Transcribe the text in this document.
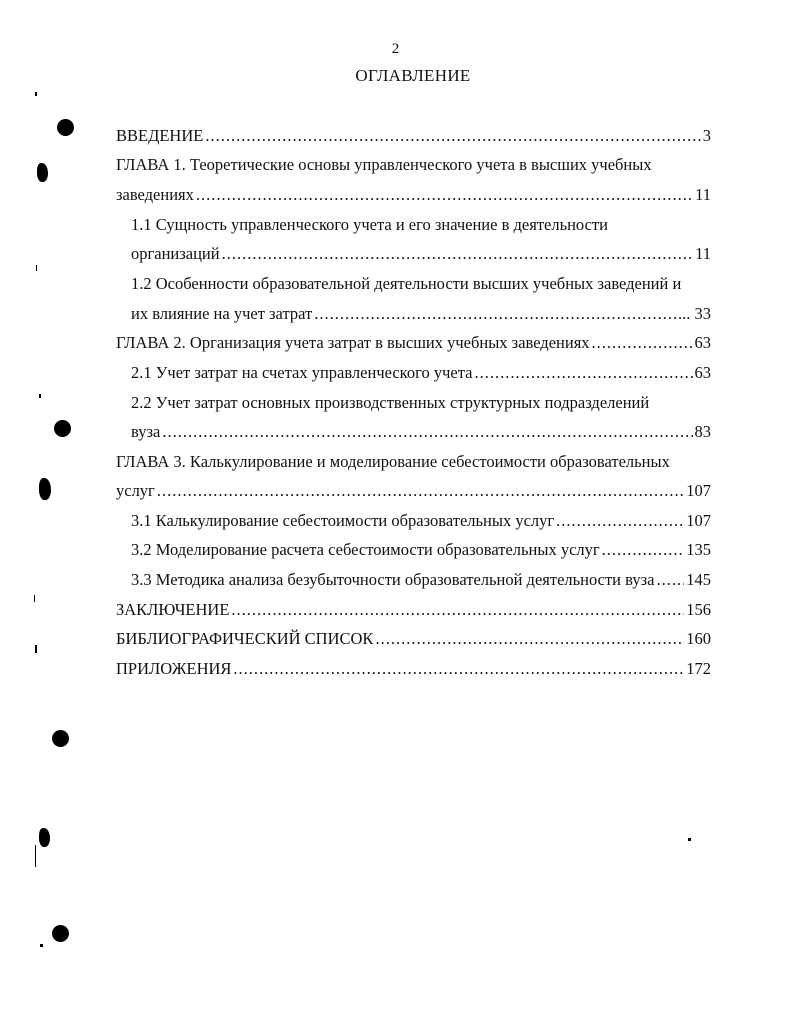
2
ОГЛАВЛЕНИЕ
ВВЕДЕНИЕ .....	3
ГЛАВА 1. Теоретические основы управленческого учета в высших учебных
заведениях .....	11
1.1 Сущность управленческого учета и его значение в деятельности
организаций .....	11
1.2 Особенности образовательной деятельности высших учебных заведений и
их влияние на учет затрат .....	... 33
ГЛАВА 2. Организация учета затрат в высших учебных заведениях .....	63
2.1 Учет затрат на счетах управленческого учета .....	63
2.2 Учет затрат основных производственных структурных подразделений
вуза .....	83
ГЛАВА 3. Калькулирование и моделирование себестоимости образовательных
услуг .....	107
3.1 Калькулирование себестоимости образовательных услуг .....	107
3.2 Моделирование расчета себестоимости образовательных услуг .....	135
3.3 Методика анализа безубыточности образовательной деятельности вуза ..... 145
ЗАКЛЮЧЕНИЕ .....	156
БИБЛИОГРАФИЧЕСКИЙ СПИСОК .....	160
ПРИЛОЖЕНИЯ .....	172
